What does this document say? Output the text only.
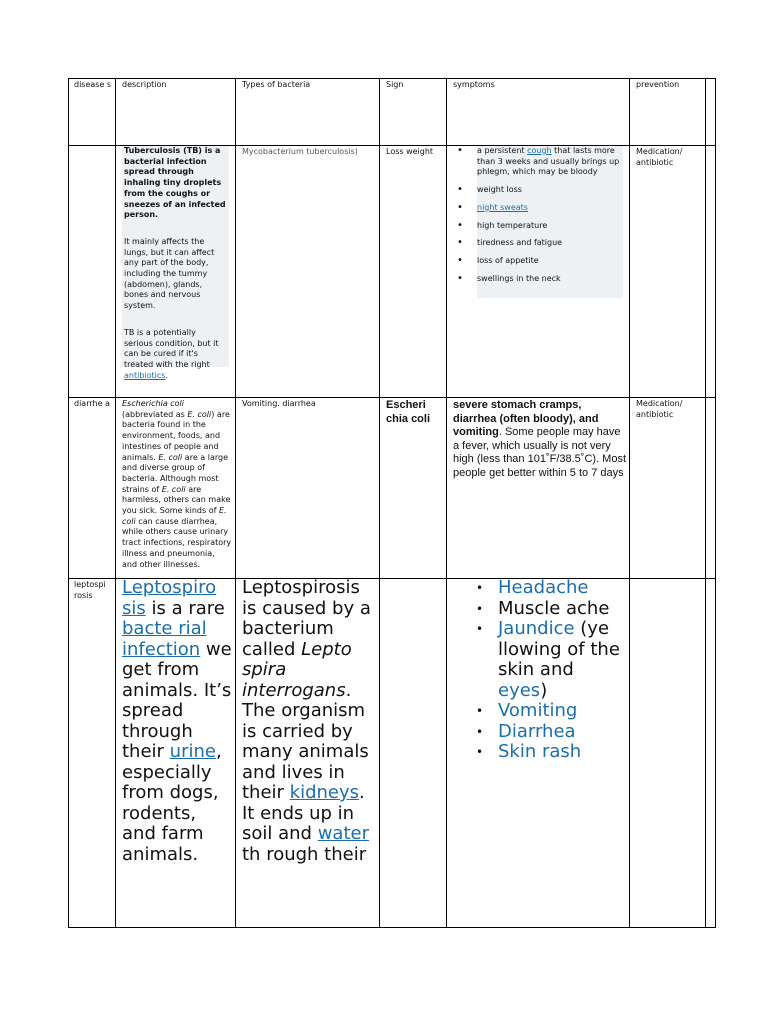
disease s description	Types of bacteria	Sign	symptoms	prevention
Tuberculosis (TB) is a bacterial infection spread through inhaling tiny droplets from the coughs or sneezes of an infected person.
It mainly affects the lungs, but it can affect any part of the body, including the tummy (abdomen), glands, bones and nervous system.
TB is a potentially serious condition, but it can be cured if it's treated with the right antibiotics.
Mycobacterium tuberculosis)	Loss weight
•	a persistent cough that lasts more than 3 weeks and usually brings up phlegm, which may be bloody
• weight loss
• night sweats
• high temperature
• tiredness and fatigue
• loss of appetite
• swellings in the neck
Medication/ antibiotic
diarrhe a Escherichia coli (abbreviated as E. coli) are bacteria found in the environment, foods, and intestines of people and animals. E. coli are a large and diverse group of bacteria. Although most strains of E. coli are harmless, others can make you sick. Some kinds of E. coli can cause diarrhea, while others cause urinary tract infections, respiratory illness and pneumonia, and other illnesses.
Vomiting. diarrhea	Escheri chia coli
severe stomach cramps, diarrhea (often bloody), and vomiting. Some people may have a fever, which usually is not very high (less than 101˚F/38.5˚C). Most people get better within 5 to 7 days
Medication/ antibiotic
leptospi rosis	Leptospiro sis is a rare bacte rial infection we get from animals. It’s spread through their urine, especially from dogs, rodents, and farm animals.
Leptospirosis is caused by a bacterium called Lepto spira interrogans. The organism is carried by many animals and lives in their kidneys. It ends up in soil and water th rough their
• Headache
• Muscle ache
• Jaundice (ye llowing of the skin and eyes)
• Vomiting
• Diarrhea
• Skin rash
